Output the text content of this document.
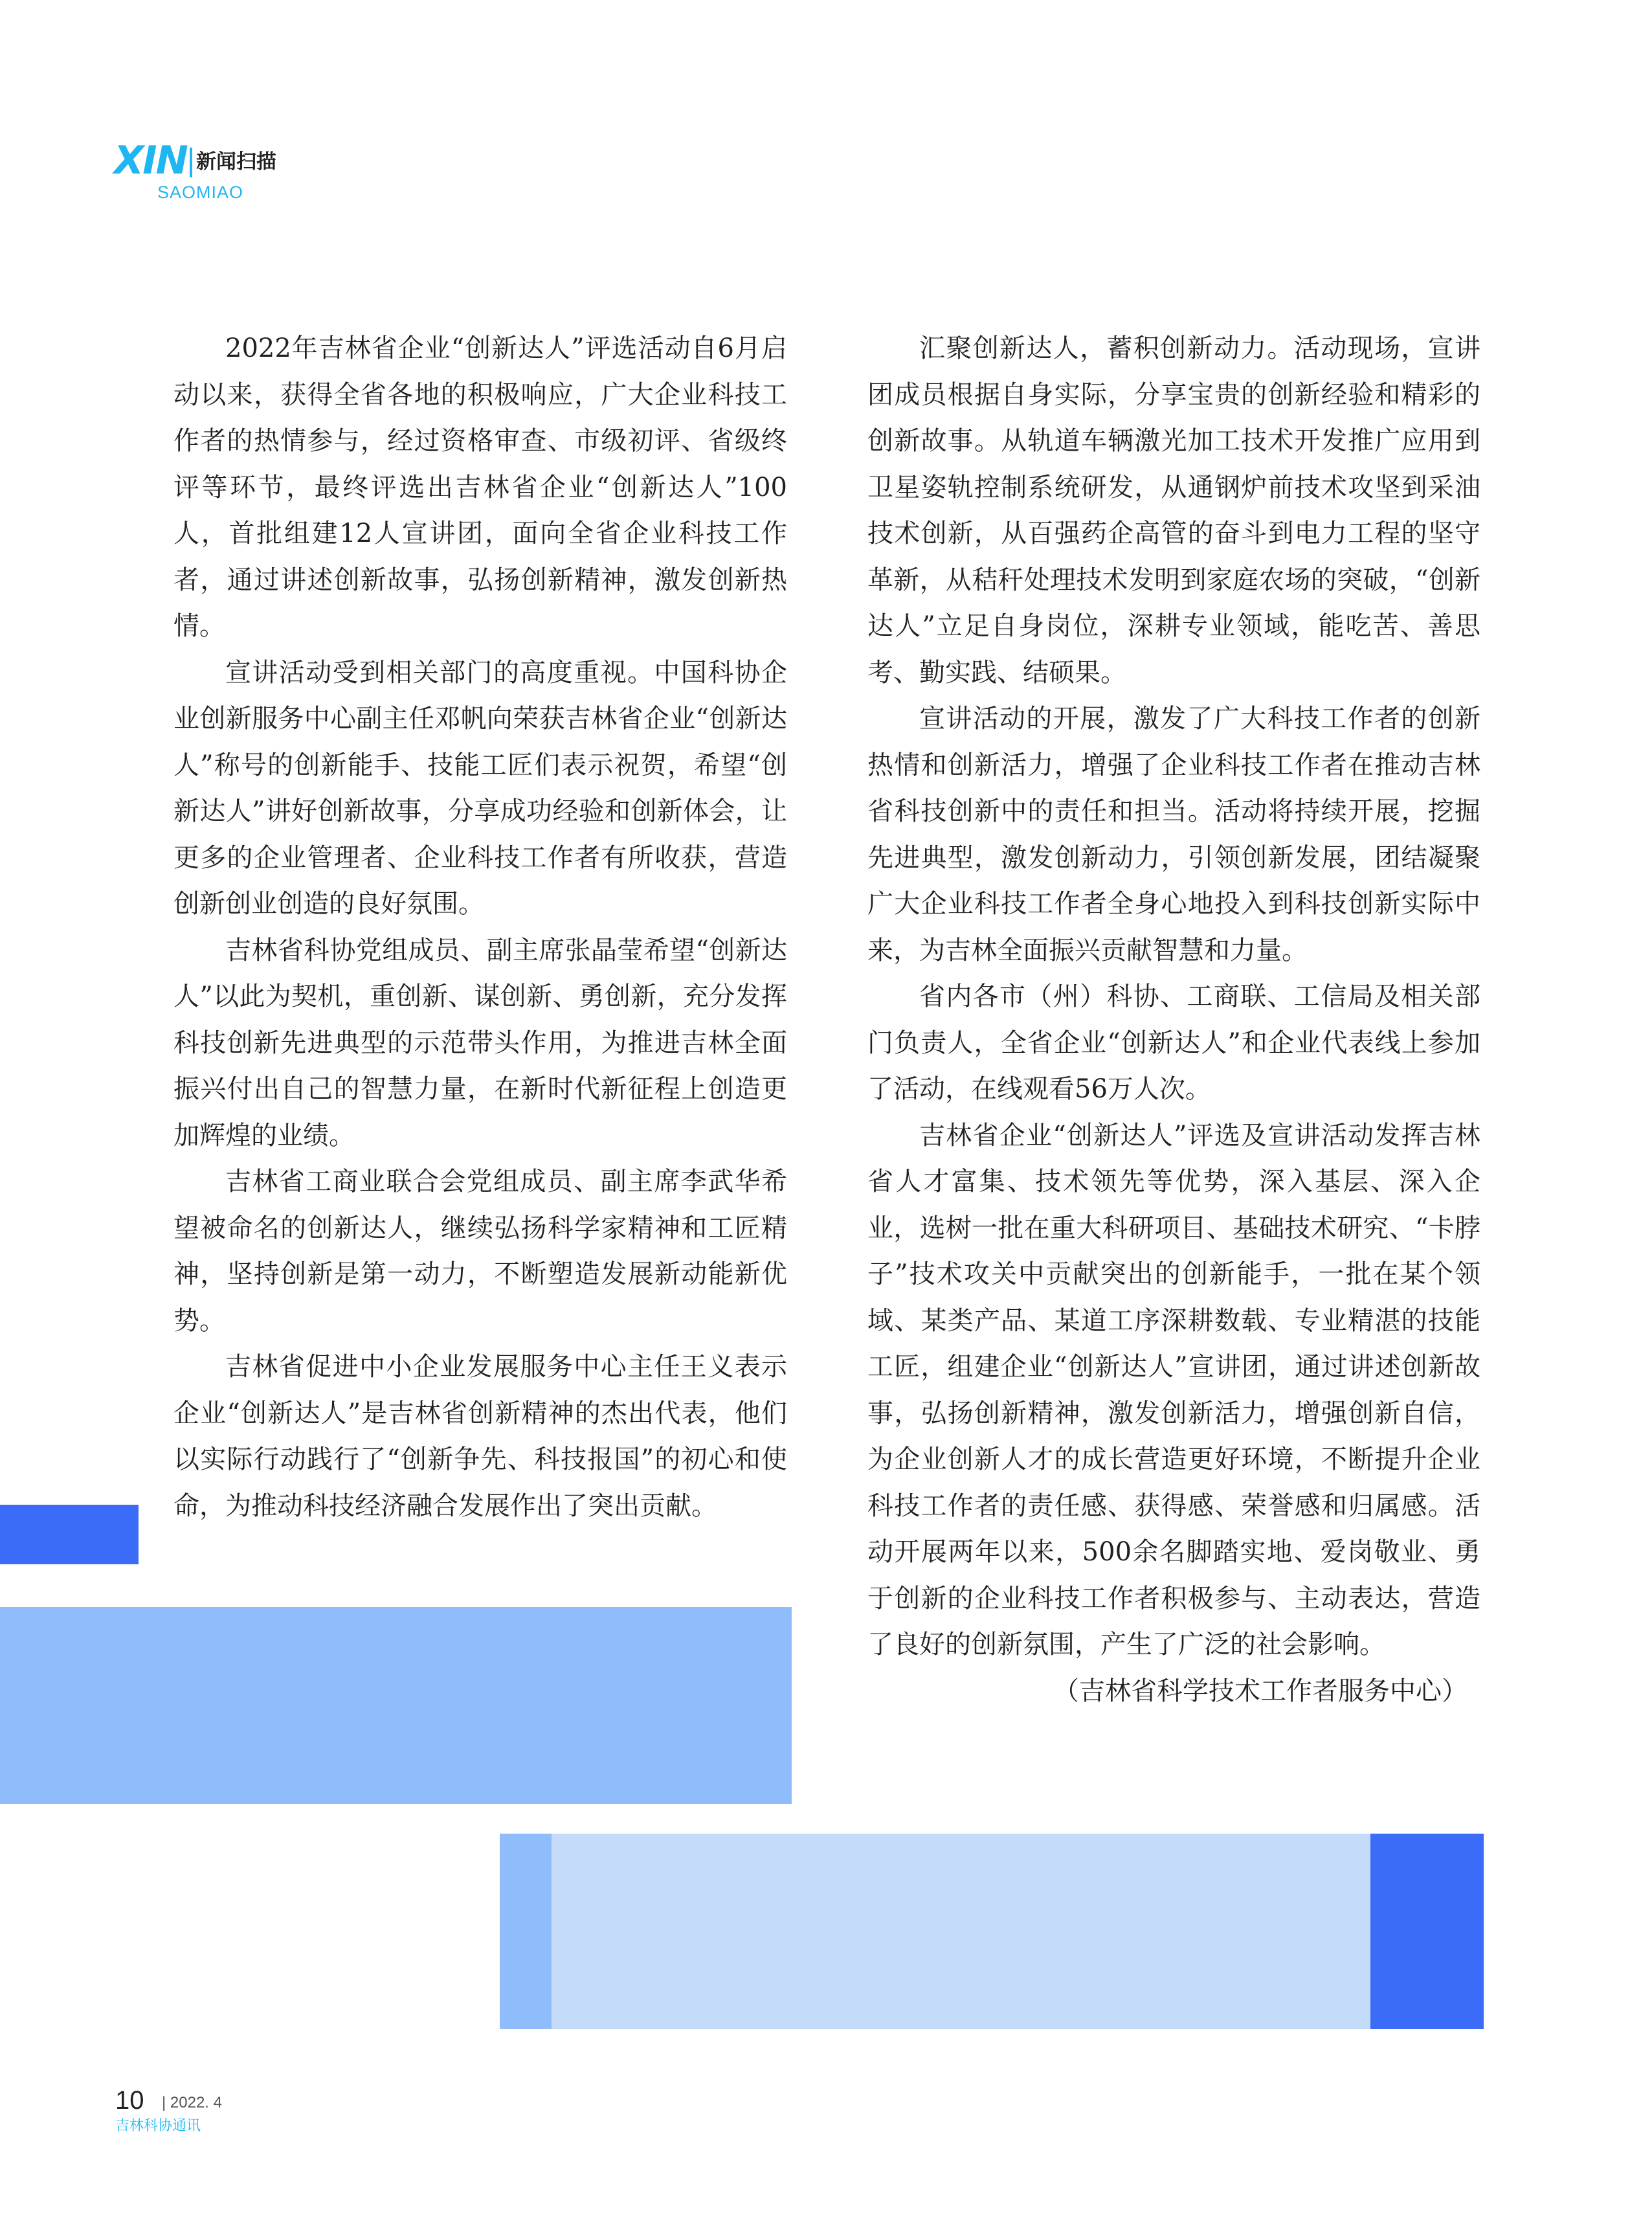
XIN 新闻扫描
SAOMIAO

2022年吉林省企业“创新达人”评选活动自6月启动以来，获得全省各地的积极响应，广大企业科技工作者的热情参与，经过资格审查、市级初评、省级终评等环节，最终评选出吉林省企业“创新达人”100人，首批组建12人宣讲团，面向全省企业科技工作者，通过讲述创新故事，弘扬创新精神，激发创新热情。

宣讲活动受到相关部门的高度重视。中国科协企业创新服务中心副主任邓帆向荣获吉林省企业“创新达人”称号的创新能手、技能工匠们表示祝贺，希望“创新达人”讲好创新故事，分享成功经验和创新体会，让更多的企业管理者、企业科技工作者有所收获，营造创新创业创造的良好氛围。

吉林省科协党组成员、副主席张晶莹希望“创新达人”以此为契机，重创新、谋创新、勇创新，充分发挥科技创新先进典型的示范带头作用，为推进吉林全面振兴付出自己的智慧力量，在新时代新征程上创造更加辉煌的业绩。

吉林省工商业联合会党组成员、副主席李武华希望被命名的创新达人，继续弘扬科学家精神和工匠精神，坚持创新是第一动力，不断塑造发展新动能新优势。

吉林省促进中小企业发展服务中心主任王义表示企业“创新达人”是吉林省创新精神的杰出代表，他们以实际行动践行了“创新争先、科技报国”的初心和使命，为推动科技经济融合发展作出了突出贡献。

汇聚创新达人，蓄积创新动力。活动现场，宣讲团成员根据自身实际，分享宝贵的创新经验和精彩的创新故事。从轨道车辆激光加工技术开发推广应用到卫星姿轨控制系统研发，从通钢炉前技术攻坚到采油技术创新，从百强药企高管的奋斗到电力工程的坚守革新，从秸秆处理技术发明到家庭农场的突破，“创新达人”立足自身岗位，深耕专业领域，能吃苦、善思考、勤实践、结硕果。

宣讲活动的开展，激发了广大科技工作者的创新热情和创新活力，增强了企业科技工作者在推动吉林省科技创新中的责任和担当。活动将持续开展，挖掘先进典型，激发创新动力，引领创新发展，团结凝聚广大企业科技工作者全身心地投入到科技创新实际中来，为吉林全面振兴贡献智慧和力量。

省内各市（州）科协、工商联、工信局及相关部门负责人，全省企业“创新达人”和企业代表线上参加了活动，在线观看56万人次。

吉林省企业“创新达人”评选及宣讲活动发挥吉林省人才富集、技术领先等优势，深入基层、深入企业，选树一批在重大科研项目、基础技术研究、“卡脖子”技术攻关中贡献突出的创新能手，一批在某个领域、某类产品、某道工序深耕数载、专业精湛的技能工匠，组建企业“创新达人”宣讲团，通过讲述创新故事，弘扬创新精神，激发创新活力，增强创新自信，为企业创新人才的成长营造更好环境，不断提升企业科技工作者的责任感、获得感、荣誉感和归属感。活动开展两年以来，500余名脚踏实地、爱岗敬业、勇于创新的企业科技工作者积极参与、主动表达，营造了良好的创新氛围，产生了广泛的社会影响。

（吉林省科学技术工作者服务中心）

10 | 2022. 4
吉林科协通讯
